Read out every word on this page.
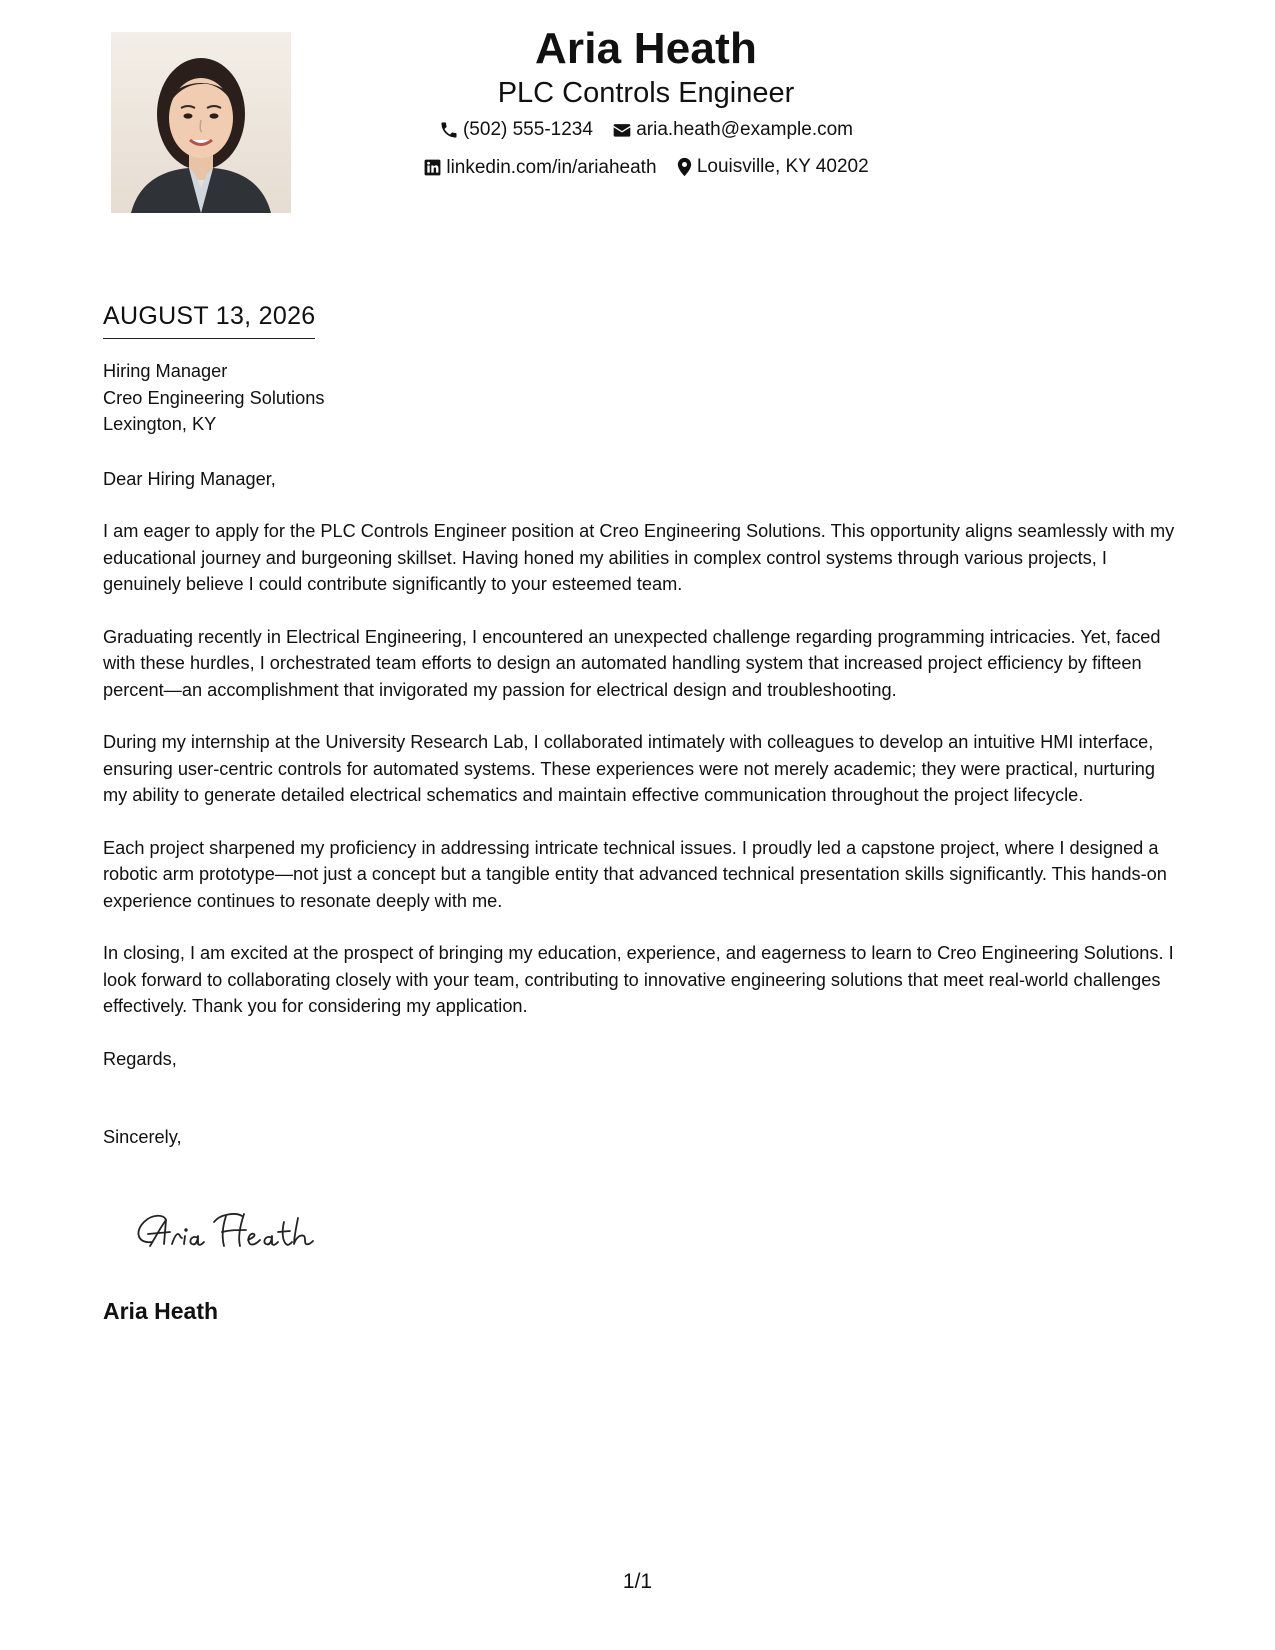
Aria Heath
PLC Controls Engineer
(502) 555-1234
aria.heath@example.com
linkedin.com/in/ariaheath
Louisville, KY 40202
AUGUST 13, 2026
Hiring Manager
Creo Engineering Solutions
Lexington, KY
Dear Hiring Manager,
I am eager to apply for the PLC Controls Engineer position at Creo Engineering Solutions. This opportunity aligns seamlessly with my educational journey and burgeoning skillset. Having honed my abilities in complex control systems through various projects, I genuinely believe I could contribute significantly to your esteemed team.
Graduating recently in Electrical Engineering, I encountered an unexpected challenge regarding programming intricacies. Yet, faced with these hurdles, I orchestrated team efforts to design an automated handling system that increased project efficiency by fifteen percent—an accomplishment that invigorated my passion for electrical design and troubleshooting.
During my internship at the University Research Lab, I collaborated intimately with colleagues to develop an intuitive HMI interface, ensuring user-centric controls for automated systems. These experiences were not merely academic; they were practical, nurturing my ability to generate detailed electrical schematics and maintain effective communication throughout the project lifecycle.
Each project sharpened my proficiency in addressing intricate technical issues. I proudly led a capstone project, where I designed a robotic arm prototype—not just a concept but a tangible entity that advanced technical presentation skills significantly. This hands-on experience continues to resonate deeply with me.
In closing, I am excited at the prospect of bringing my education, experience, and eagerness to learn to Creo Engineering Solutions. I look forward to collaborating closely with your team, contributing to innovative engineering solutions that meet real-world challenges effectively. Thank you for considering my application.
Regards,
Sincerely,
Aria Heath
1/1
